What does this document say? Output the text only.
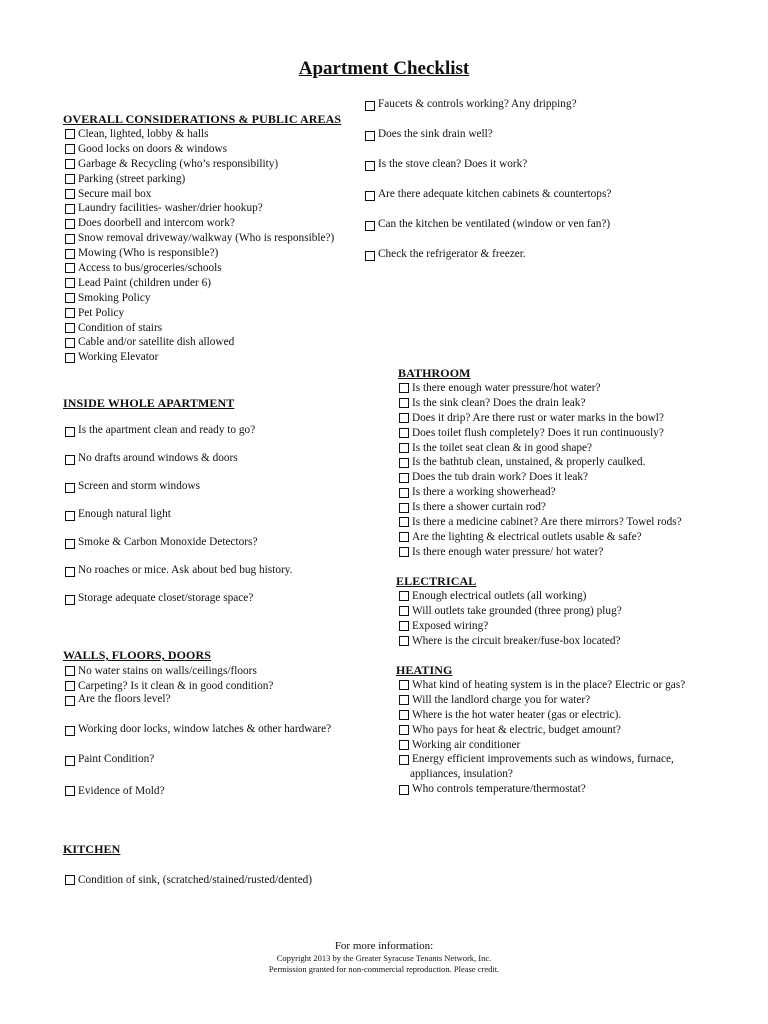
Apartment Checklist
OVERALL CONSIDERATIONS & PUBLIC AREAS
Clean, lighted, lobby & halls
Good locks on doors & windows
Garbage & Recycling (who’s responsibility)
Parking (street parking)
Secure mail box
Laundry facilities- washer/drier hookup?
Does doorbell and intercom work?
Snow removal driveway/walkway (Who is responsible?)
Mowing (Who is responsible?)
Access to bus/groceries/schools
Lead Paint (children under 6)
Smoking Policy
Pet Policy
Condition of stairs
Cable and/or satellite dish allowed
Working Elevator
INSIDE WHOLE APARTMENT
Is the apartment clean and ready to go?
No drafts around windows & doors
Screen and storm windows
Enough natural light
Smoke & Carbon Monoxide Detectors?
No roaches or mice. Ask about bed bug history.
Storage adequate closet/storage space?
WALLS, FLOORS, DOORS
No water stains on walls/ceilings/floors
Carpeting? Is it clean & in good condition?
Are the floors level?
Working door locks, window latches & other hardware?
Paint Condition?
Evidence of Mold?
KITCHEN
Condition of sink, (scratched/stained/rusted/dented)
Faucets & controls working? Any dripping?
Does the sink drain well?
Is the stove clean? Does it work?
Are there adequate kitchen cabinets & countertops?
Can the kitchen be ventilated (window or ven fan?)
Check the refrigerator & freezer.
BATHROOM
Is there enough water pressure/hot water?
Is the sink clean? Does the drain leak?
Does it drip? Are there rust or water marks in the bowl?
Does toilet flush completely? Does it run continuously?
Is the toilet seat clean & in good shape?
Is the bathtub clean, unstained, & properly caulked.
Does the tub drain work? Does it leak?
Is there a working showerhead?
Is there a shower curtain rod?
Is there a medicine cabinet? Are there mirrors? Towel rods?
Are the lighting & electrical outlets usable & safe?
Is there enough water pressure/ hot water?
ELECTRICAL
Enough electrical outlets (all working)
Will outlets take grounded (three prong) plug?
Exposed wiring?
Where is the circuit breaker/fuse-box located?
HEATING
What kind of heating system is in the place? Electric or gas?
Will the landlord charge you for water?
Where is the hot water heater (gas or electric).
Who pays for heat & electric, budget amount?
Working air conditioner
Energy efficient improvements such as windows, furnace,
appliances, insulation?
Who controls temperature/thermostat?
For more information:
Copyright 2013 by the Greater Syracuse Tenants Network, Inc.
Permission granted for non-commercial reproduction. Please credit.
